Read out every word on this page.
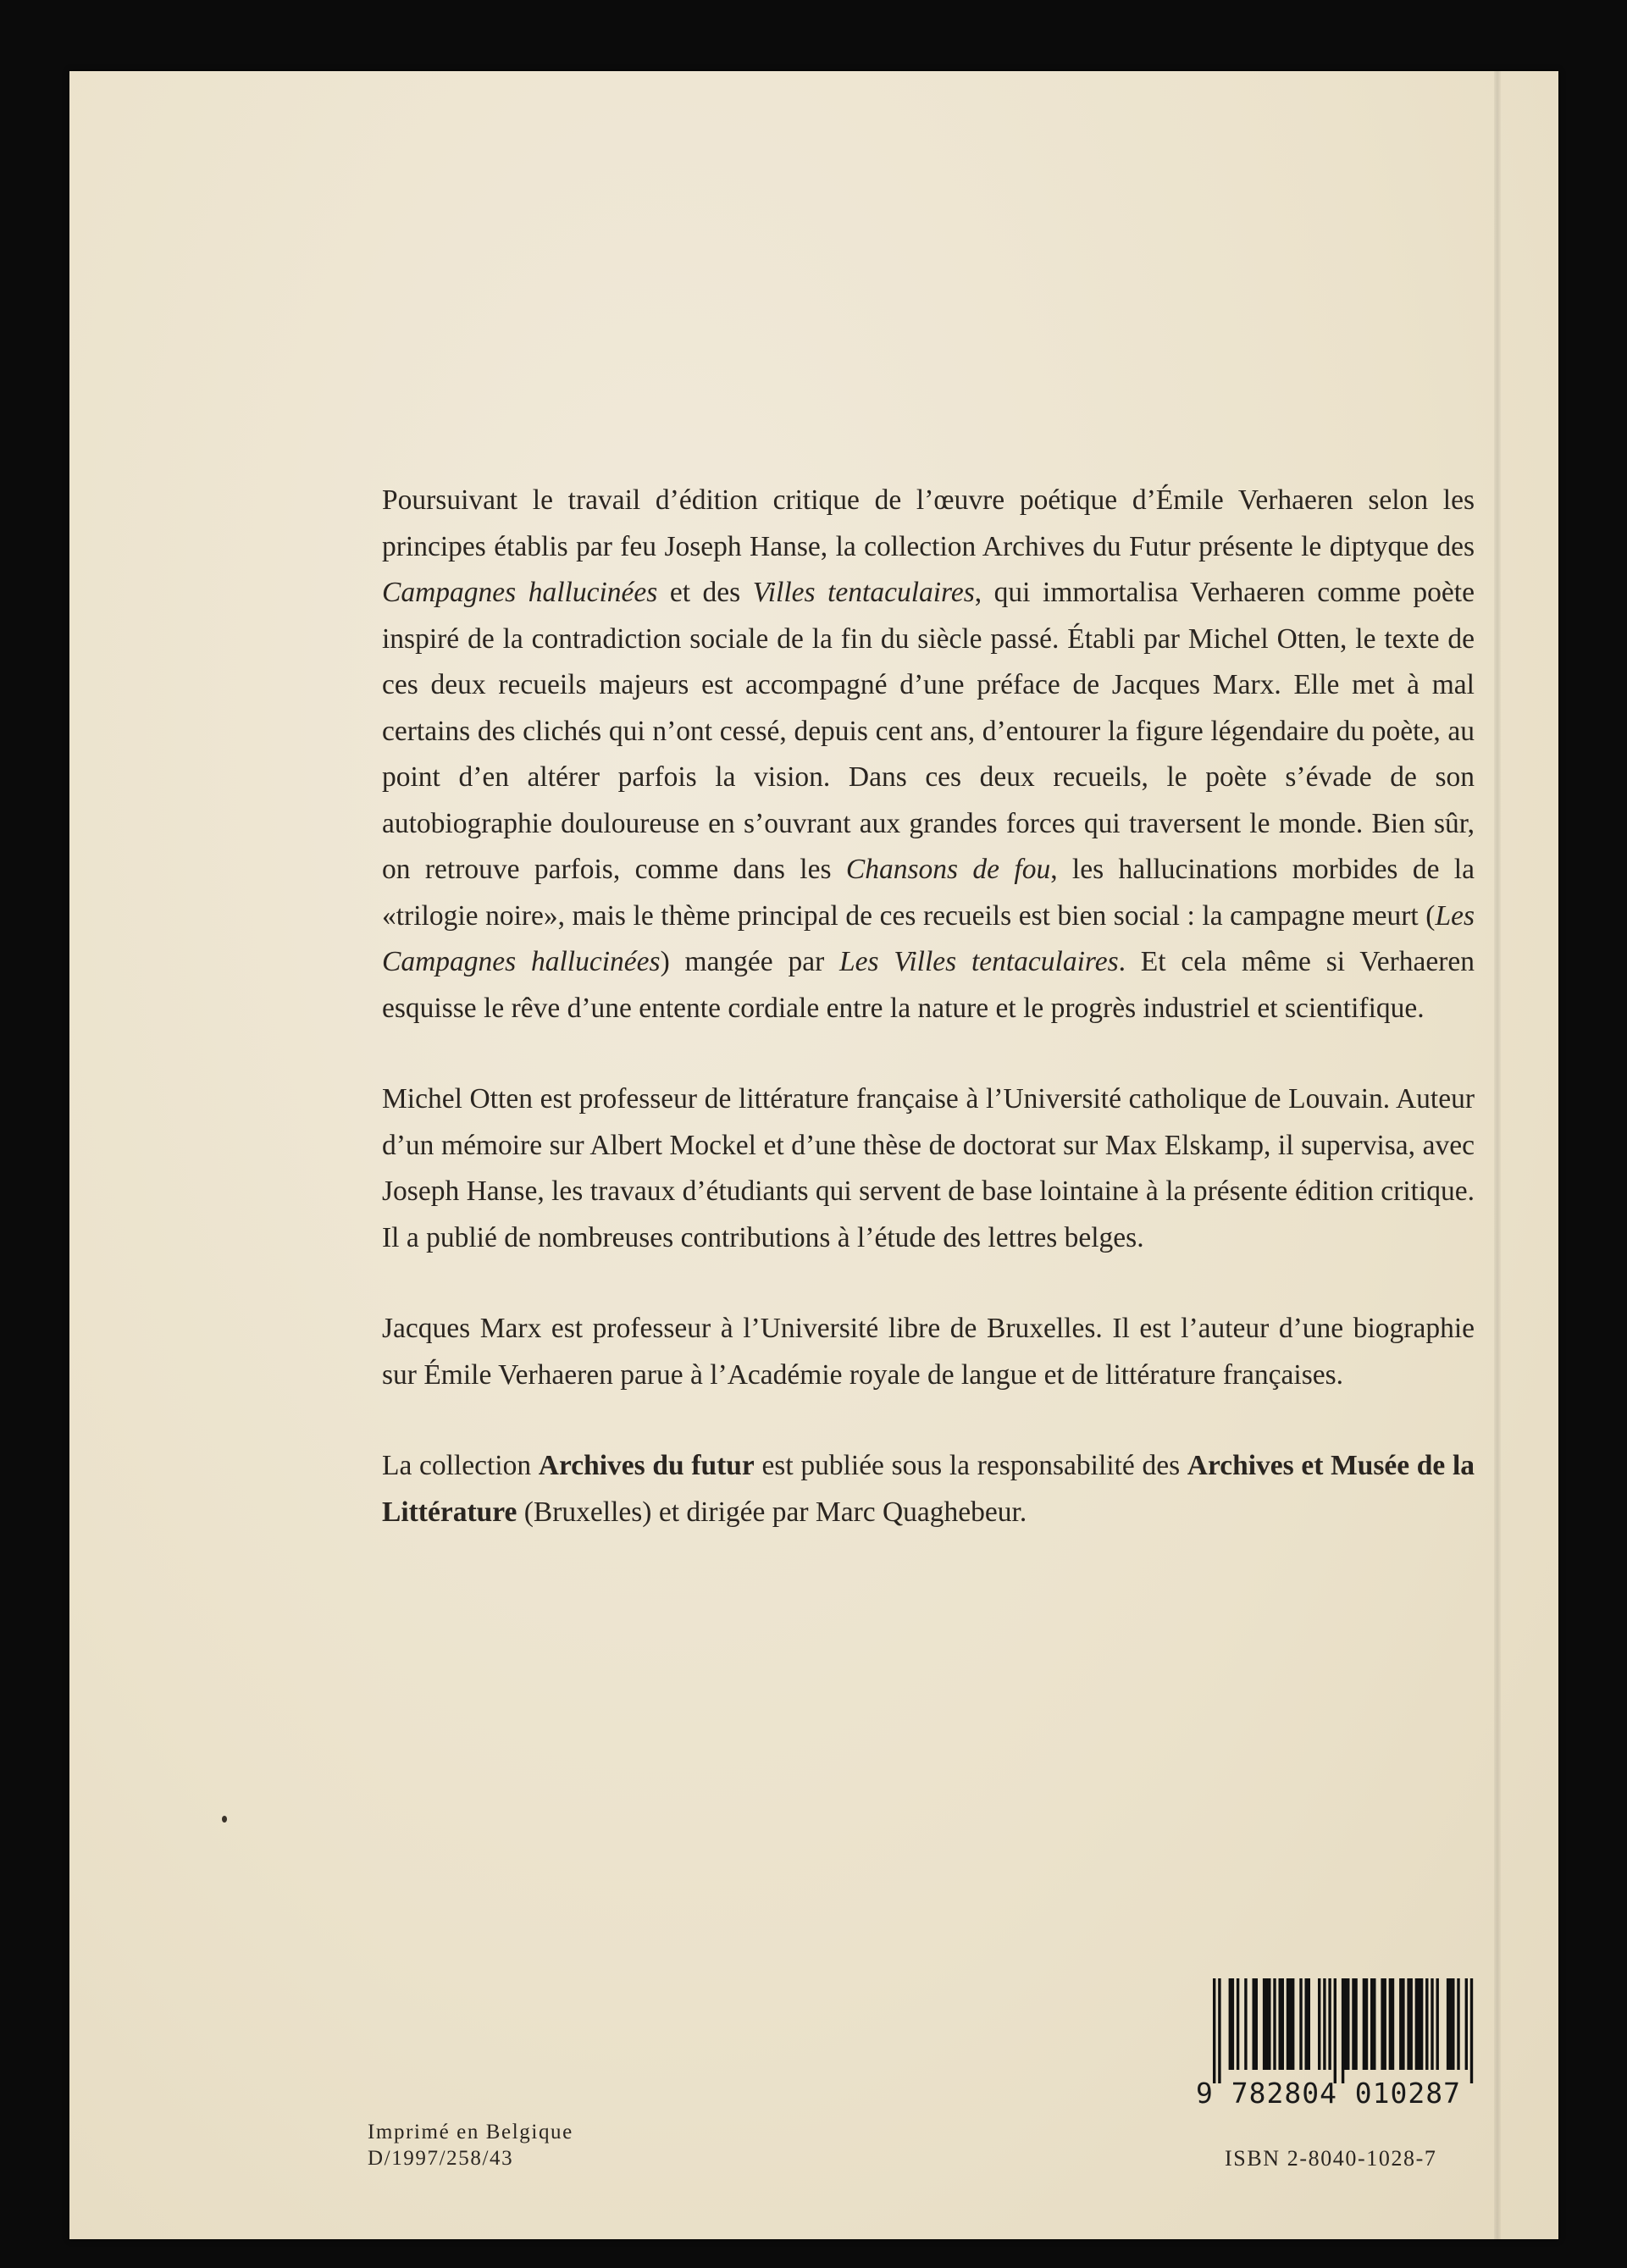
Poursuivant le travail d’édition critique de l’œuvre poétique d’Émile Verhaeren selon les principes établis par feu Joseph Hanse, la collection Archives du Futur présente le diptyque des Campagnes hallucinées et des Villes tentaculaires, qui immortalisa Verhaeren comme poète inspiré de la contradiction sociale de la fin du siècle passé. Établi par Michel Otten, le texte de ces deux recueils majeurs est accompagné d’une préface de Jacques Marx. Elle met à mal certains des clichés qui n’ont cessé, depuis cent ans, d’entourer la figure légendaire du poète, au point d’en altérer parfois la vision. Dans ces deux recueils, le poète s’évade de son autobiographie douloureuse en s’ouvrant aux grandes forces qui traversent le monde. Bien sûr, on retrouve parfois, comme dans les Chansons de fou, les hallucinations morbides de la «trilogie noire», mais le thème principal de ces recueils est bien social : la campagne meurt (Les Campagnes hallucinées) mangée par Les Villes tentaculaires. Et cela même si Verhaeren esquisse le rêve d’une entente cordiale entre la nature et le progrès industriel et scientifique.

Michel Otten est professeur de littérature française à l’Université catholique de Louvain. Auteur d’un mémoire sur Albert Mockel et d’une thèse de doctorat sur Max Elskamp, il supervisa, avec Joseph Hanse, les travaux d’étudiants qui servent de base lointaine à la présente édition critique. Il a publié de nombreuses contributions à l’étude des lettres belges.

Jacques Marx est professeur à l’Université libre de Bruxelles. Il est l’auteur d’une biographie sur Émile Verhaeren parue à l’Académie royale de langue et de littérature françaises.

La collection Archives du futur est publiée sous la responsabilité des Archives et Musée de la Littérature (Bruxelles) et dirigée par Marc Quaghebeur.

9 782804 010287
Imprimé en Belgique
D/1997/258/43	ISBN 2-8040-1028-7
